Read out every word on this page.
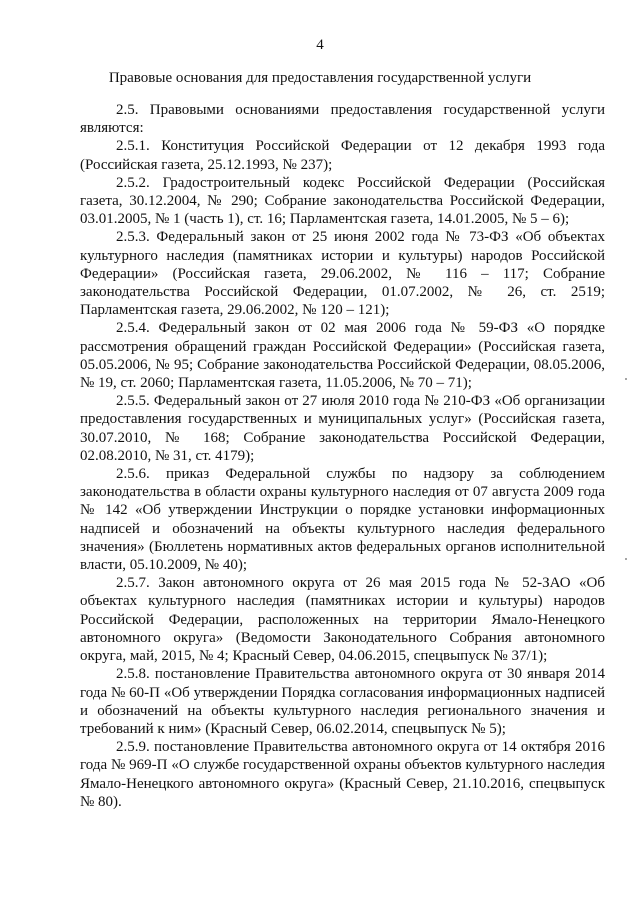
4
Правовые основания для предоставления государственной услуги

2.5. Правовыми основаниями предоставления государственной услуги являются:

2.5.1. Конституция Российской Федерации от 12 декабря 1993 года (Российская газета, 25.12.1993, № 237);

2.5.2. Градостроительный кодекс Российской Федерации (Российская газета, 30.12.2004, № 290; Собрание законодательства Российской Федерации, 03.01.2005, № 1 (часть 1), ст. 16; Парламентская газета, 14.01.2005, № 5 – 6);

2.5.3. Федеральный закон от 25 июня 2002 года № 73-ФЗ «Об объектах культурного наследия (памятниках истории и культуры) народов Российской Федерации» (Российская газета, 29.06.2002, № 116 – 117; Собрание законодательства Российской Федерации, 01.07.2002, № 26, ст. 2519; Парламентская газета, 29.06.2002, № 120 – 121);

2.5.4. Федеральный закон от 02 мая 2006 года № 59-ФЗ «О порядке рассмотрения обращений граждан Российской Федерации» (Российская газета, 05.05.2006, № 95; Собрание законодательства Российской Федерации, 08.05.2006, № 19, ст. 2060; Парламентская газета, 11.05.2006, № 70 – 71);

2.5.5. Федеральный закон от 27 июля 2010 года № 210-ФЗ «Об организации предоставления государственных и муниципальных услуг» (Российская газета, 30.07.2010, № 168; Собрание законодательства Российской Федерации, 02.08.2010, № 31, ст. 4179);

2.5.6. приказ Федеральной службы по надзору за соблюдением законодательства в области охраны культурного наследия от 07 августа 2009 года № 142 «Об утверждении Инструкции о порядке установки информационных надписей и обозначений на объекты культурного наследия федерального значения» (Бюллетень нормативных актов федеральных органов исполнительной власти, 05.10.2009, № 40);

2.5.7. Закон автономного округа от 26 мая 2015 года № 52-ЗАО «Об объектах культурного наследия (памятниках истории и культуры) народов Российской Федерации, расположенных на территории Ямало-Ненецкого автономного округа» (Ведомости Законодательного Собрания автономного округа, май, 2015, № 4; Красный Север, 04.06.2015, спецвыпуск № 37/1);

2.5.8. постановление Правительства автономного округа от 30 января 2014 года № 60-П «Об утверждении Порядка согласования информационных надписей и обозначений на объекты культурного наследия регионального значения и требований к ним» (Красный Север, 06.02.2014, спецвыпуск № 5);

2.5.9. постановление Правительства автономного округа от 14 октября 2016 года № 969-П «О службе государственной охраны объектов культурного наследия Ямало-Ненецкого автономного округа» (Красный Север, 21.10.2016, спецвыпуск № 80).
